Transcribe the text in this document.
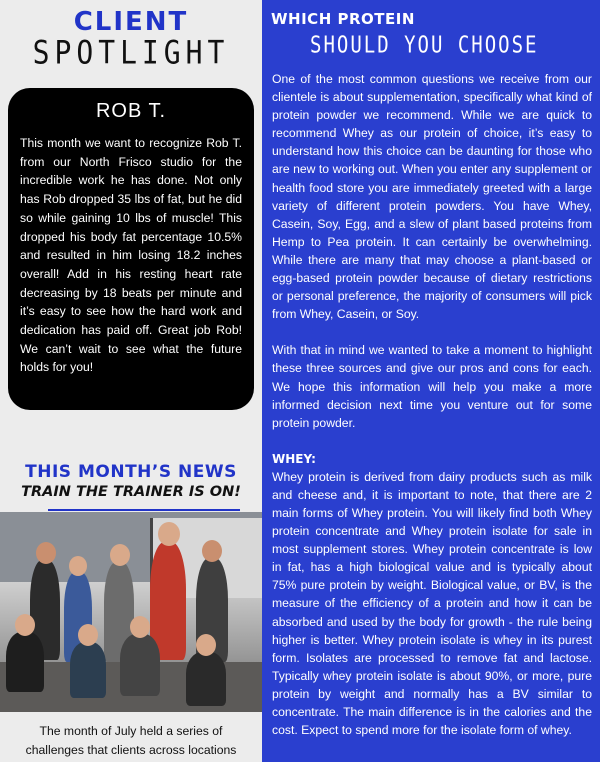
CLIENT
SPOTLIGHT
ROB T.

This month we want to recognize Rob T. from our North Frisco studio for the incredible work he has done. Not only has Rob dropped 35 lbs of fat, but he did so while gaining 10 lbs of muscle! This dropped his body fat percentage 10.5% and resulted in him losing 18.2 inches overall! Add in his resting heart rate decreasing by 18 beats per minute and it’s easy to see how the hard work and dedication has paid off. Great job Rob! We can’t wait to see what the future holds for you!

THIS MONTH’S NEWS
TRAIN THE TRAINER IS ON!

The month of July held a series of challenges that clients across locations

WHICH PROTEIN
SHOULD YOU CHOOSE

One of the most common questions we receive from our clientele is about supplementation, specifically what kind of protein powder we recommend. While we are quick to recommend Whey as our protein of choice, it’s easy to understand how this choice can be daunting for those who are new to working out. When you enter any supplement or health food store you are immediately greeted with a large variety of different protein powders. You have Whey, Casein, Soy, Egg, and a slew of plant based proteins from Hemp to Pea protein. It can certainly be overwhelming. While there are many that may choose a plant-based or egg-based protein powder because of dietary restrictions or personal preference, the majority of consumers will pick from Whey, Casein, or Soy.

With that in mind we wanted to take a moment to highlight these three sources and give our pros and cons for each. We hope this information will help you make a more informed decision next time you venture out for some protein powder.

WHEY:

Whey protein is derived from dairy products such as milk and cheese and, it is important to note, that there are 2 main forms of Whey protein. You will likely find both Whey protein concentrate and Whey protein isolate for sale in most supplement stores. Whey protein concentrate is low in fat, has a high biological value and is typically about 75% pure protein by weight. Biological value, or BV, is the measure of the efficiency of a protein and how it can be absorbed and used by the body for growth - the rule being higher is better. Whey protein isolate is whey in its purest form. Isolates are processed to remove fat and lactose. Typically whey protein isolate is about 90%, or more, pure protein by weight and normally has a BV similar to concentrate. The main difference is in the calories and the cost. Expect to spend more for the isolate form of whey.
